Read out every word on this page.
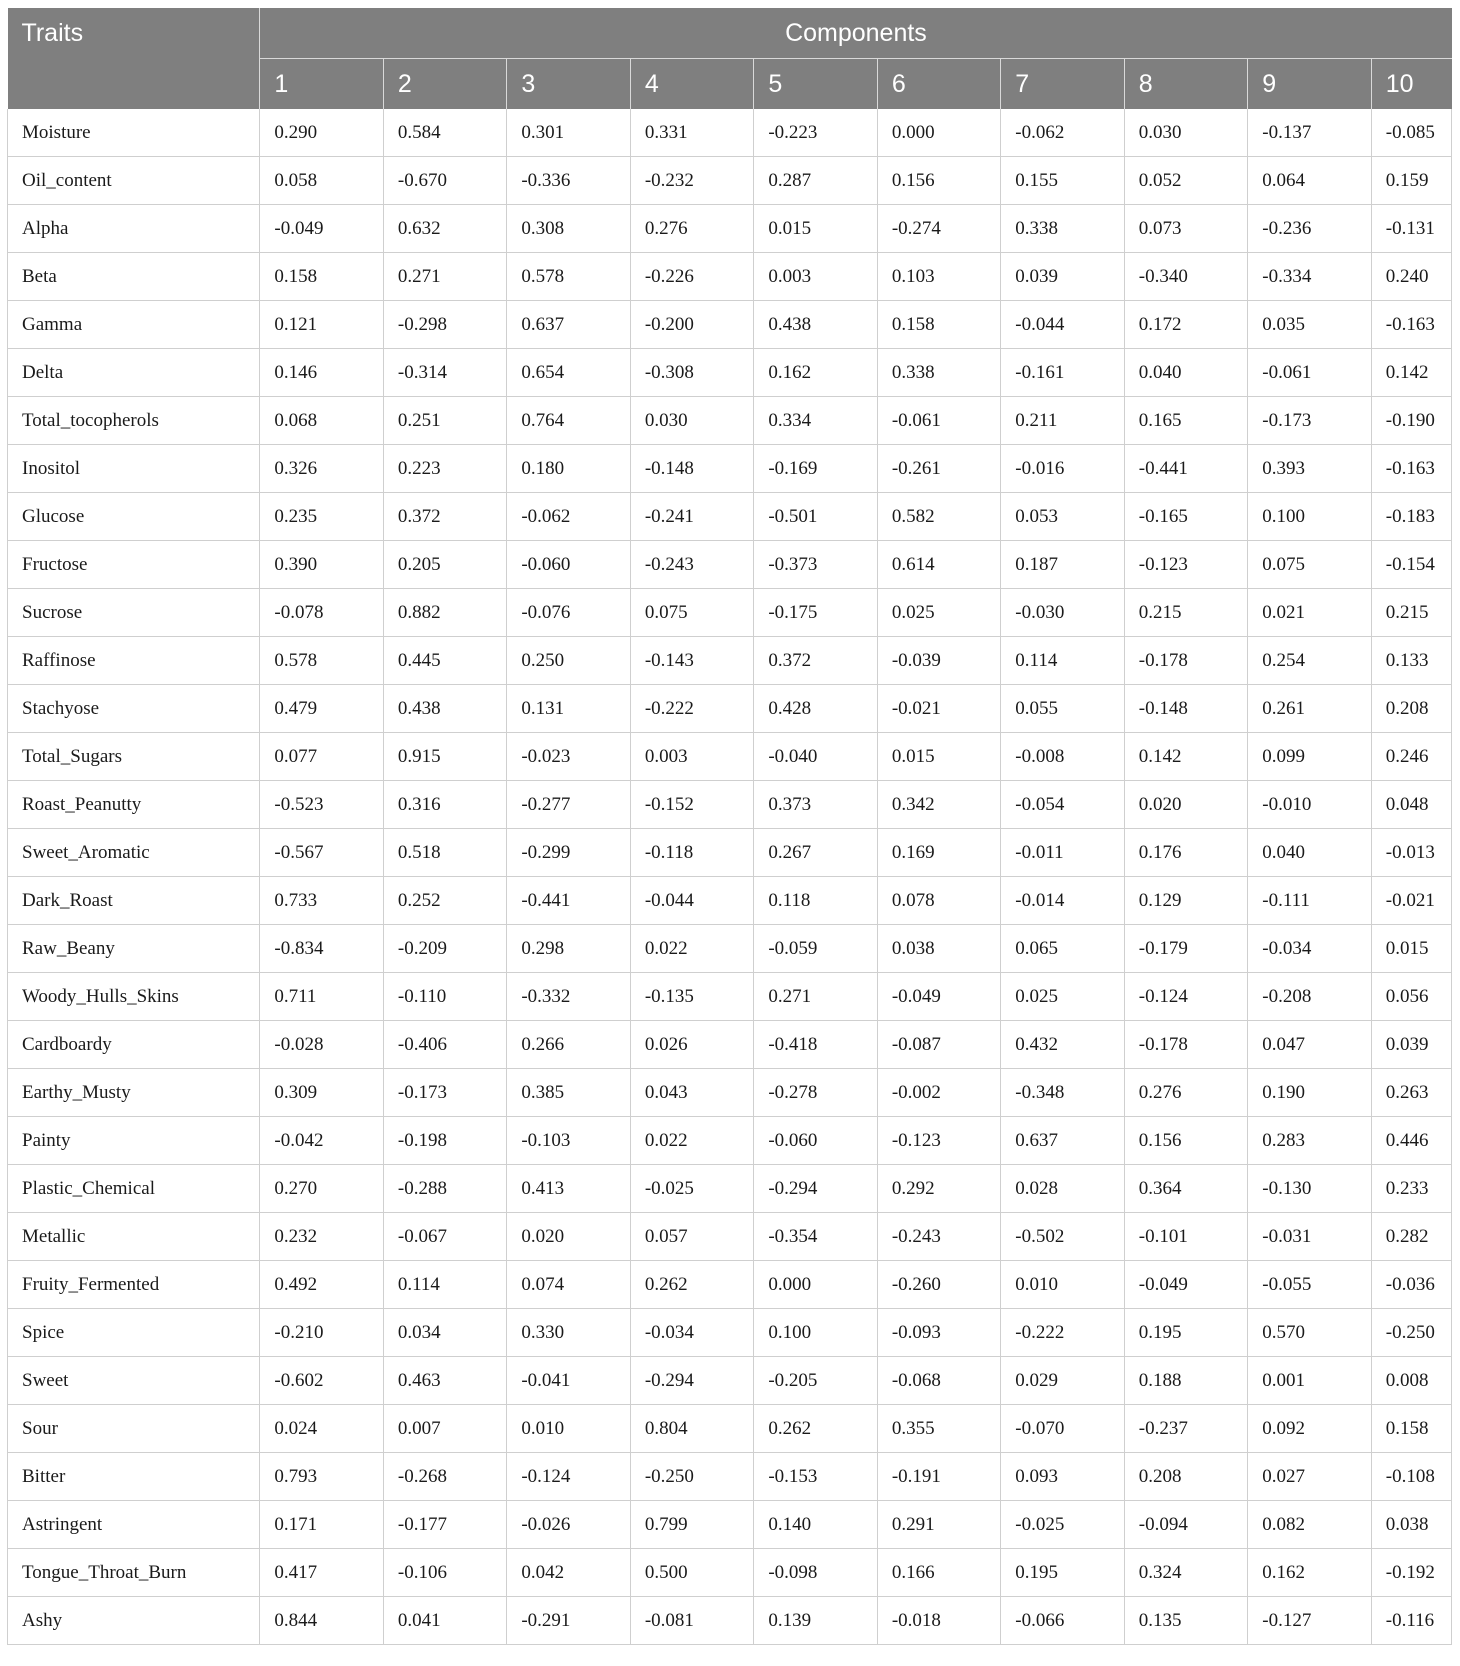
Traits	Components									
	1	2	3	4	5	6	7	8	9	10
Moisture	0.290	0.584	0.301	0.331	-0.223	0.000	-0.062	0.030	-0.137	-0.085
Oil_content	0.058	-0.670	-0.336	-0.232	0.287	0.156	0.155	0.052	0.064	0.159
Alpha	-0.049	0.632	0.308	0.276	0.015	-0.274	0.338	0.073	-0.236	-0.131
Beta	0.158	0.271	0.578	-0.226	0.003	0.103	0.039	-0.340	-0.334	0.240
Gamma	0.121	-0.298	0.637	-0.200	0.438	0.158	-0.044	0.172	0.035	-0.163
Delta	0.146	-0.314	0.654	-0.308	0.162	0.338	-0.161	0.040	-0.061	0.142
Total_tocopherols	0.068	0.251	0.764	0.030	0.334	-0.061	0.211	0.165	-0.173	-0.190
Inositol	0.326	0.223	0.180	-0.148	-0.169	-0.261	-0.016	-0.441	0.393	-0.163
Glucose	0.235	0.372	-0.062	-0.241	-0.501	0.582	0.053	-0.165	0.100	-0.183
Fructose	0.390	0.205	-0.060	-0.243	-0.373	0.614	0.187	-0.123	0.075	-0.154
Sucrose	-0.078	0.882	-0.076	0.075	-0.175	0.025	-0.030	0.215	0.021	0.215
Raffinose	0.578	0.445	0.250	-0.143	0.372	-0.039	0.114	-0.178	0.254	0.133
Stachyose	0.479	0.438	0.131	-0.222	0.428	-0.021	0.055	-0.148	0.261	0.208
Total_Sugars	0.077	0.915	-0.023	0.003	-0.040	0.015	-0.008	0.142	0.099	0.246
Roast_Peanutty	-0.523	0.316	-0.277	-0.152	0.373	0.342	-0.054	0.020	-0.010	0.048
Sweet_Aromatic	-0.567	0.518	-0.299	-0.118	0.267	0.169	-0.011	0.176	0.040	-0.013
Dark_Roast	0.733	0.252	-0.441	-0.044	0.118	0.078	-0.014	0.129	-0.111	-0.021
Raw_Beany	-0.834	-0.209	0.298	0.022	-0.059	0.038	0.065	-0.179	-0.034	0.015
Woody_Hulls_Skins	0.711	-0.110	-0.332	-0.135	0.271	-0.049	0.025	-0.124	-0.208	0.056
Cardboardy	-0.028	-0.406	0.266	0.026	-0.418	-0.087	0.432	-0.178	0.047	0.039
Earthy_Musty	0.309	-0.173	0.385	0.043	-0.278	-0.002	-0.348	0.276	0.190	0.263
Painty	-0.042	-0.198	-0.103	0.022	-0.060	-0.123	0.637	0.156	0.283	0.446
Plastic_Chemical	0.270	-0.288	0.413	-0.025	-0.294	0.292	0.028	0.364	-0.130	0.233
Metallic	0.232	-0.067	0.020	0.057	-0.354	-0.243	-0.502	-0.101	-0.031	0.282
Fruity_Fermented	0.492	0.114	0.074	0.262	0.000	-0.260	0.010	-0.049	-0.055	-0.036
Spice	-0.210	0.034	0.330	-0.034	0.100	-0.093	-0.222	0.195	0.570	-0.250
Sweet	-0.602	0.463	-0.041	-0.294	-0.205	-0.068	0.029	0.188	0.001	0.008
Sour	0.024	0.007	0.010	0.804	0.262	0.355	-0.070	-0.237	0.092	0.158
Bitter	0.793	-0.268	-0.124	-0.250	-0.153	-0.191	0.093	0.208	0.027	-0.108
Astringent	0.171	-0.177	-0.026	0.799	0.140	0.291	-0.025	-0.094	0.082	0.038
Tongue_Throat_Burn	0.417	-0.106	0.042	0.500	-0.098	0.166	0.195	0.324	0.162	-0.192
Ashy	0.844	0.041	-0.291	-0.081	0.139	-0.018	-0.066	0.135	-0.127	-0.116
